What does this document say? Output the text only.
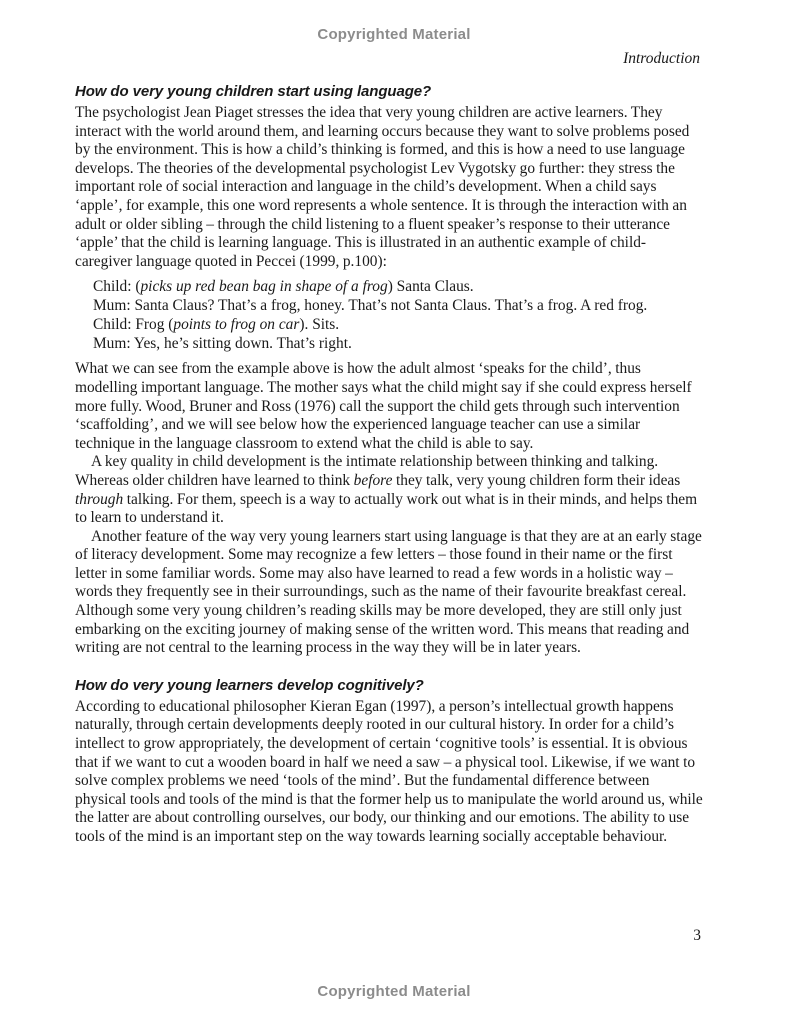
Copyrighted Material
Introduction
How do very young children start using language?

The psychologist Jean Piaget stresses the idea that very young children are active learners. They interact with the world around them, and learning occurs because they want to solve problems posed by the environment. This is how a child’s thinking is formed, and this is how a need to use language develops. The theories of the developmental psychologist Lev Vygotsky go further: they stress the important role of social interaction and language in the child’s development. When a child says ‘apple’, for example, this one word represents a whole sentence. It is through the interaction with an adult or older sibling – through the child listening to a fluent speaker’s response to their utterance ‘apple’ that the child is learning language. This is illustrated in an authentic example of child-caregiver language quoted in Peccei (1999, p.100):

Child: (picks up red bean bag in shape of a frog) Santa Claus.
Mum: Santa Claus? That’s a frog, honey. That’s not Santa Claus. That’s a frog. A red frog.
Child: Frog (points to frog on car). Sits.
Mum: Yes, he’s sitting down. That’s right.

What we can see from the example above is how the adult almost ‘speaks for the child’, thus modelling important language. The mother says what the child might say if she could express herself more fully. Wood, Bruner and Ross (1976) call the support the child gets through such intervention ‘scaffolding’, and we will see below how the experienced language teacher can use a similar technique in the language classroom to extend what the child is able to say.

A key quality in child development is the intimate relationship between thinking and talking. Whereas older children have learned to think before they talk, very young children form their ideas through talking. For them, speech is a way to actually work out what is in their minds, and helps them to learn to understand it.

Another feature of the way very young learners start using language is that they are at an early stage of literacy development. Some may recognize a few letters – those found in their name or the first letter in some familiar words. Some may also have learned to read a few words in a holistic way – words they frequently see in their surroundings, such as the name of their favourite breakfast cereal. Although some very young children’s reading skills may be more developed, they are still only just embarking on the exciting journey of making sense of the written word. This means that reading and writing are not central to the learning process in the way they will be in later years.

How do very young learners develop cognitively?

According to educational philosopher Kieran Egan (1997), a person’s intellectual growth happens naturally, through certain developments deeply rooted in our cultural history. In order for a child’s intellect to grow appropriately, the development of certain ‘cognitive tools’ is essential. It is obvious that if we want to cut a wooden board in half we need a saw – a physical tool. Likewise, if we want to solve complex problems we need ‘tools of the mind’. But the fundamental difference between physical tools and tools of the mind is that the former help us to manipulate the world around us, while the latter are about controlling ourselves, our body, our thinking and our emotions. The ability to use tools of the mind is an important step on the way towards learning socially acceptable behaviour.

3
Copyrighted Material
